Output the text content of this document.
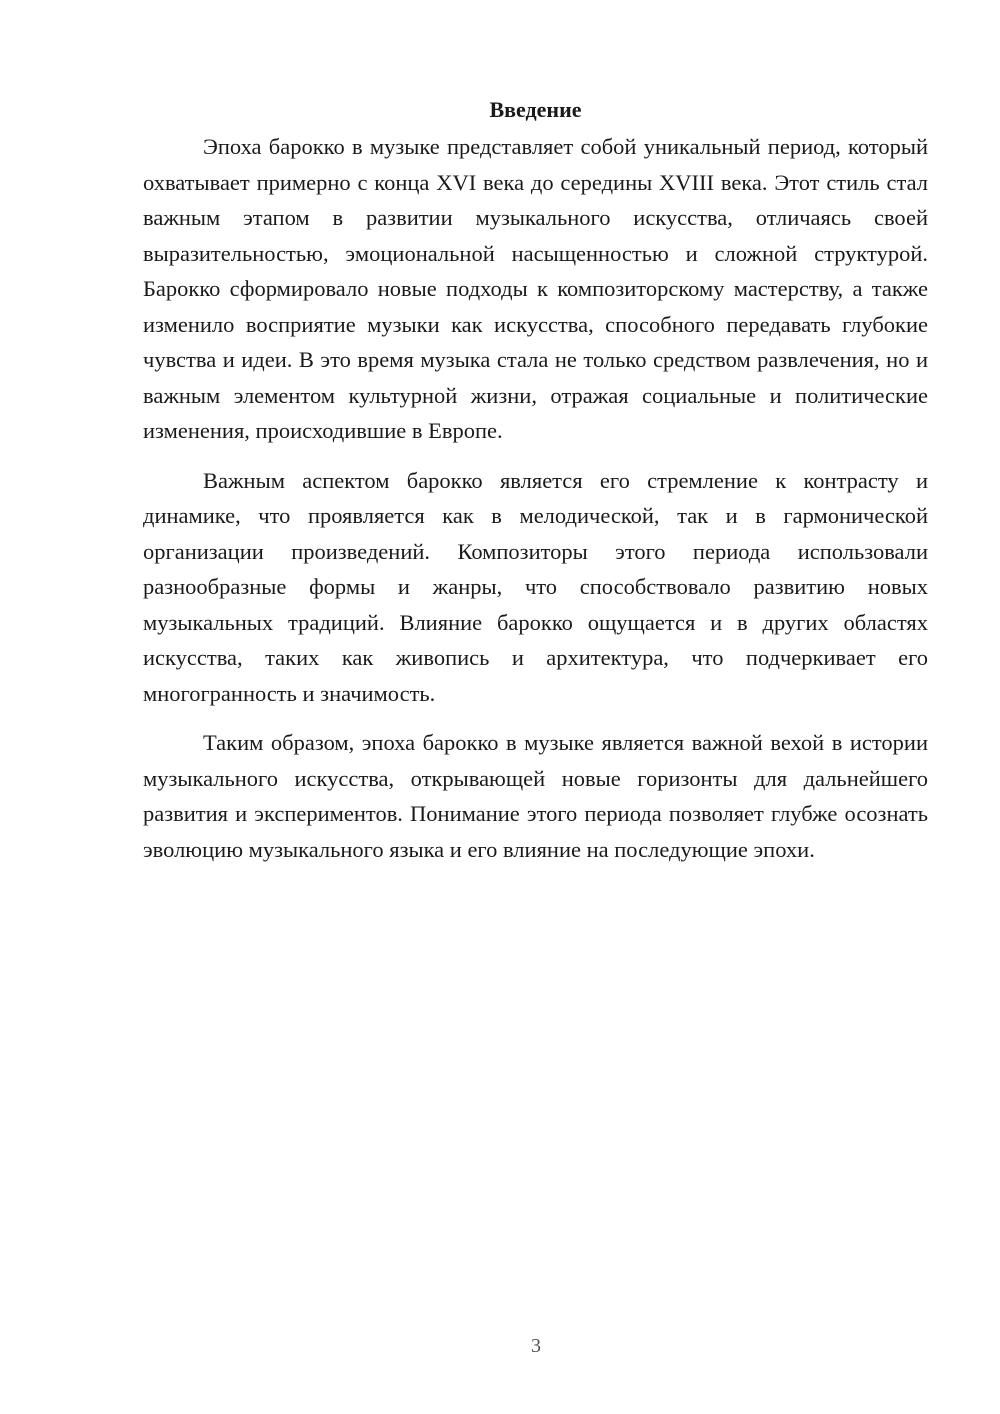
Введение

Эпоха барокко в музыке представляет собой уникальный период, который охватывает примерно с конца XVI века до середины XVIII века. Этот стиль стал важным этапом в развитии музыкального искусства, отличаясь своей выразительностью, эмоциональной насыщенностью и сложной структурой. Барокко сформировало новые подходы к композиторскому мастерству, а также изменило восприятие музыки как искусства, способного передавать глубокие чувства и идеи. В это время музыка стала не только средством развлечения, но и важным элементом культурной жизни, отражая социальные и политические изменения, происходившие в Европе.

Важным аспектом барокко является его стремление к контрасту и динамике, что проявляется как в мелодической, так и в гармонической организации произведений. Композиторы этого периода использовали разнообразные формы и жанры, что способствовало развитию новых музыкальных традиций. Влияние барокко ощущается и в других областях искусства, таких как живопись и архитектура, что подчеркивает его многогранность и значимость.

Таким образом, эпоха барокко в музыке является важной вехой в истории музыкального искусства, открывающей новые горизонты для дальнейшего развития и экспериментов. Понимание этого периода позволяет глубже осознать эволюцию музыкального языка и его влияние на последующие эпохи.

3
